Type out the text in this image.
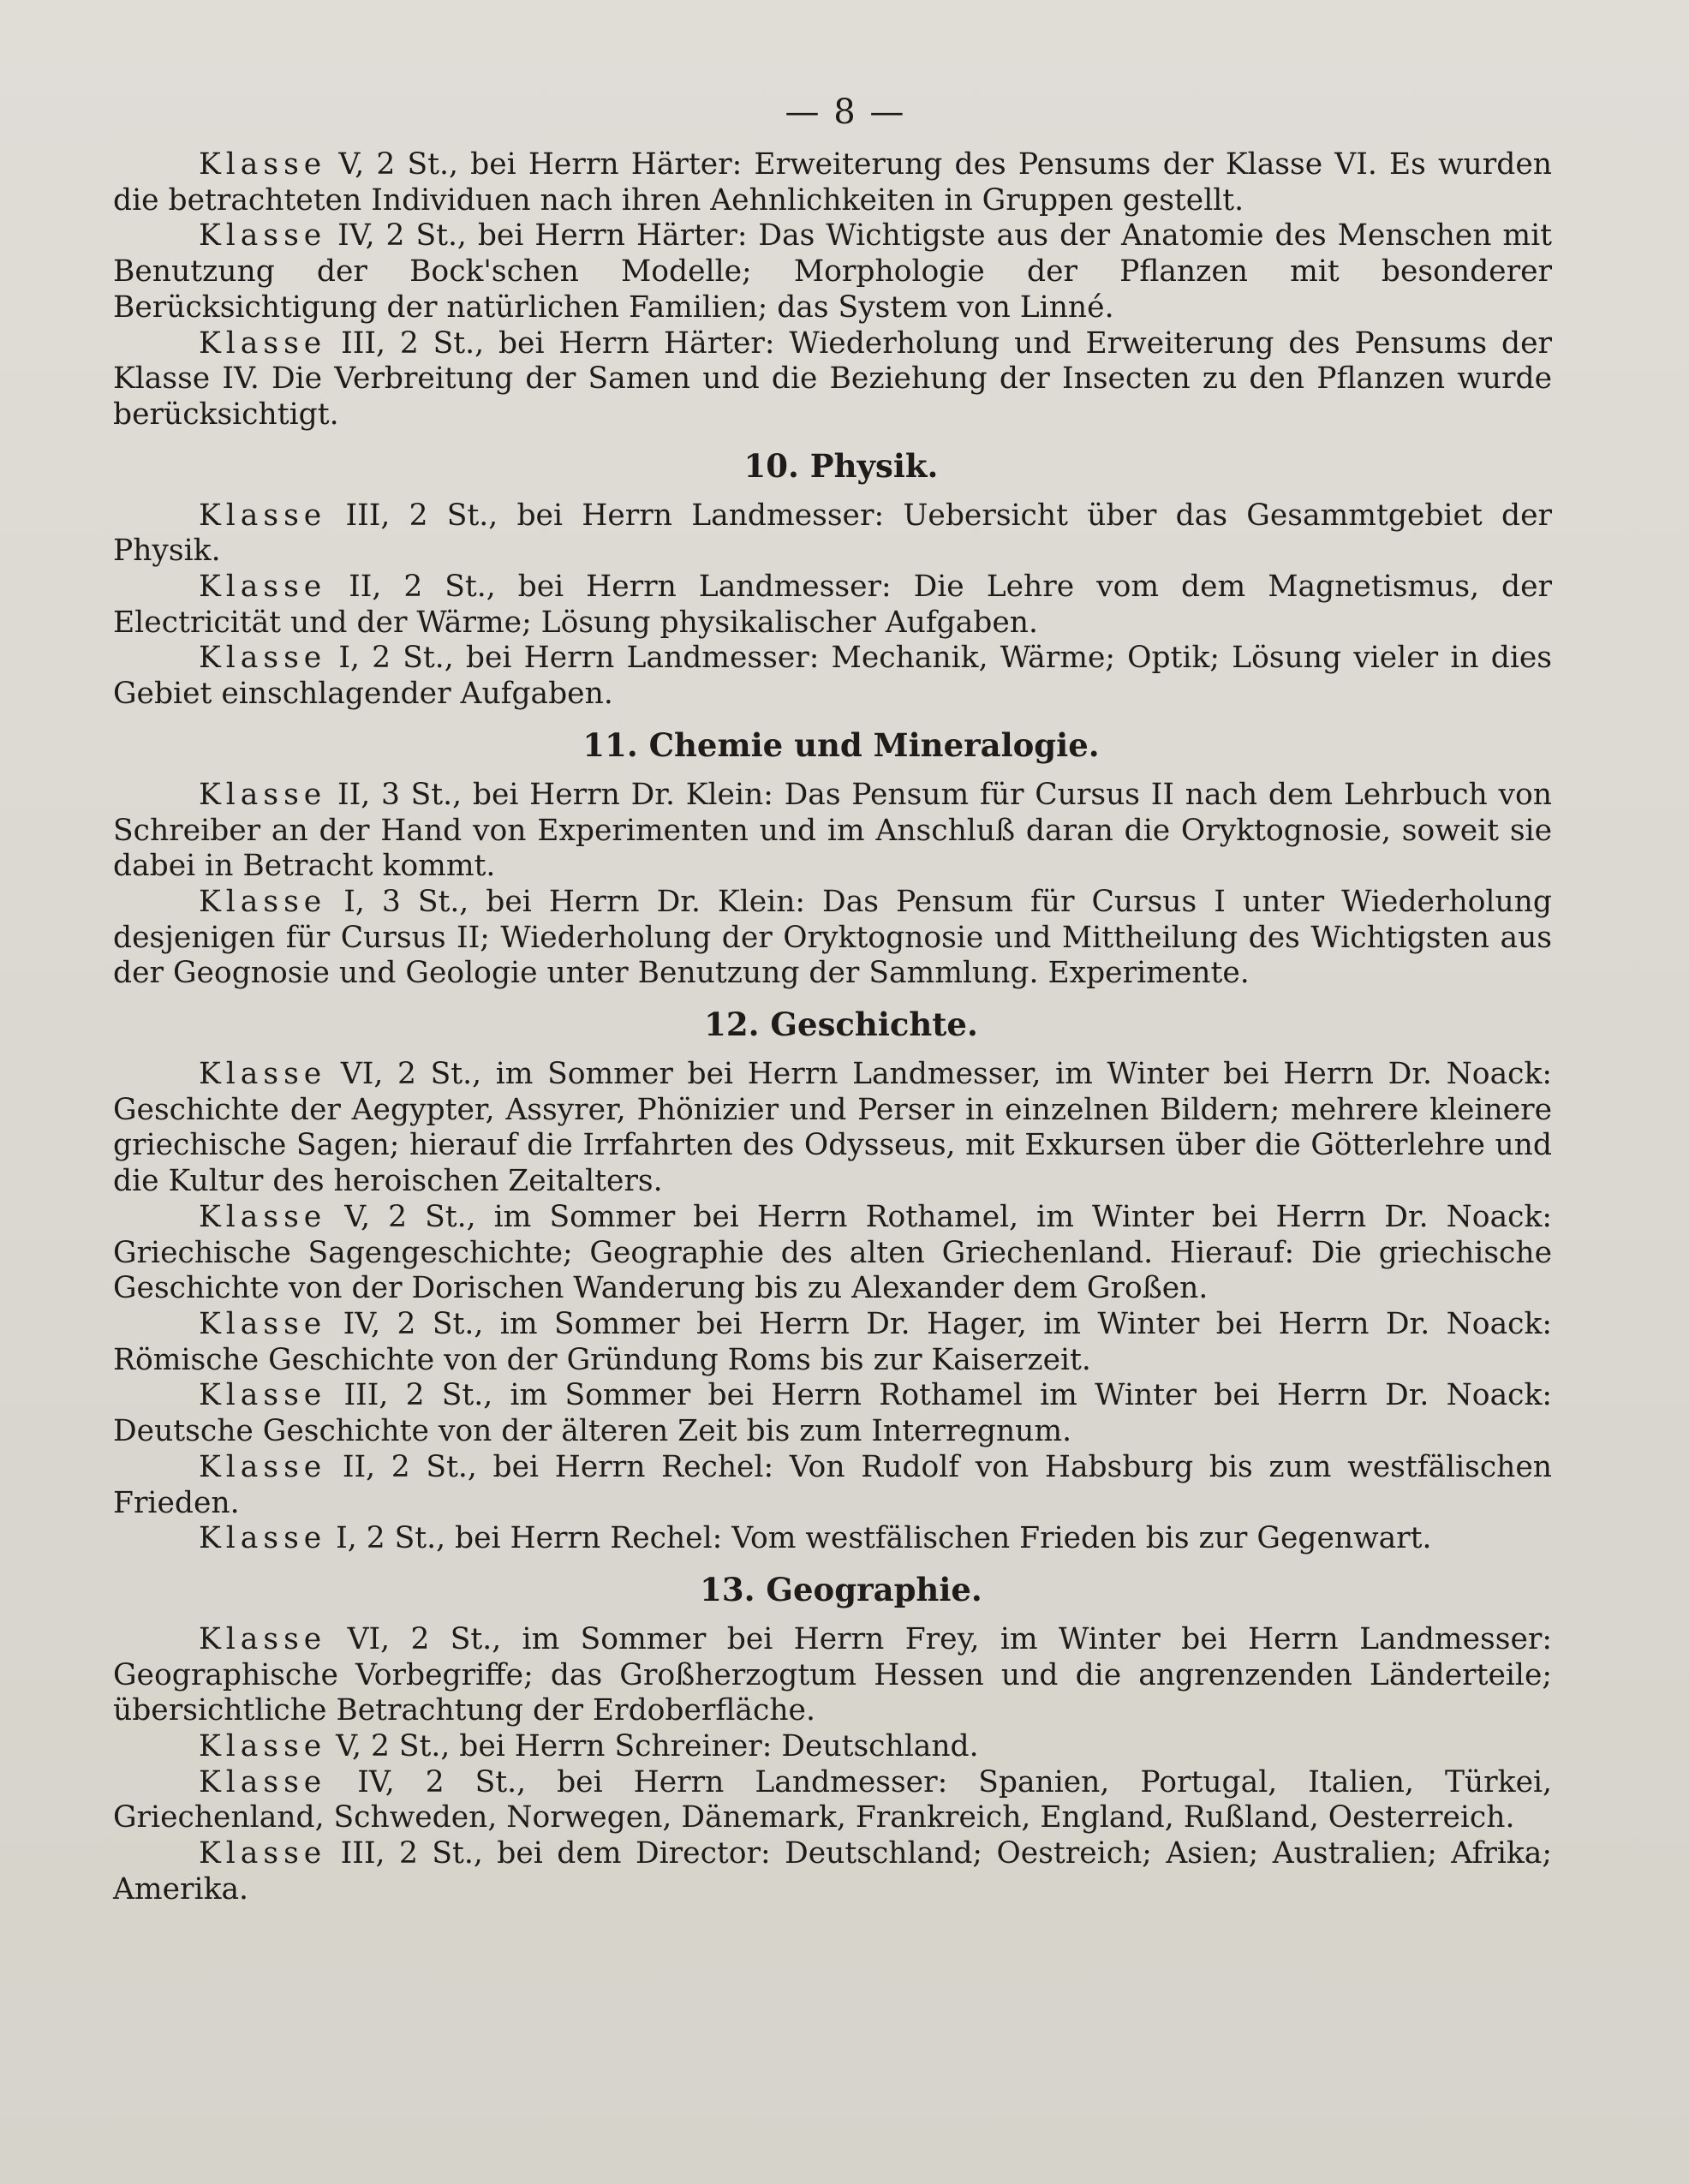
— 8 —

Klasse V, 2 St., bei Herrn Härter: Erweiterung des Pensums der Klasse VI. Es wurden die betrachteten Individuen nach ihren Aehnlichkeiten in Gruppen gestellt.

Klasse IV, 2 St., bei Herrn Härter: Das Wichtigste aus der Anatomie des Menschen mit Benutzung der Bock'schen Modelle; Morphologie der Pflanzen mit besonderer Berücksichtigung der natürlichen Familien; das System von Linné.

Klasse III, 2 St., bei Herrn Härter: Wiederholung und Erweiterung des Pensums der Klasse IV. Die Verbreitung der Samen und die Beziehung der Insecten zu den Pflanzen wurde berücksichtigt.

10. Physik.

Klasse III, 2 St., bei Herrn Landmesser: Uebersicht über das Gesammtgebiet der Physik.

Klasse II, 2 St., bei Herrn Landmesser: Die Lehre vom dem Magnetismus, der Electricität und der Wärme; Lösung physikalischer Aufgaben.

Klasse I, 2 St., bei Herrn Landmesser: Mechanik, Wärme; Optik; Lösung vieler in dies Gebiet einschlagender Aufgaben.

11. Chemie und Mineralogie.

Klasse II, 3 St., bei Herrn Dr. Klein: Das Pensum für Cursus II nach dem Lehrbuch von Schreiber an der Hand von Experimenten und im Anschluß daran die Oryktognosie, soweit sie dabei in Betracht kommt.

Klasse I, 3 St., bei Herrn Dr. Klein: Das Pensum für Cursus I unter Wiederholung desjenigen für Cursus II; Wiederholung der Oryktognosie und Mittheilung des Wichtigsten aus der Geognosie und Geologie unter Benutzung der Sammlung. Experimente.

12. Geschichte.

Klasse VI, 2 St., im Sommer bei Herrn Landmesser, im Winter bei Herrn Dr. Noack: Geschichte der Aegypter, Assyrer, Phönizier und Perser in einzelnen Bildern; mehrere kleinere griechische Sagen; hierauf die Irrfahrten des Odysseus, mit Exkursen über die Götterlehre und die Kultur des heroischen Zeitalters.

Klasse V, 2 St., im Sommer bei Herrn Rothamel, im Winter bei Herrn Dr. Noack: Griechische Sagengeschichte; Geographie des alten Griechenland. Hierauf: Die griechische Geschichte von der Dorischen Wanderung bis zu Alexander dem Großen.

Klasse IV, 2 St., im Sommer bei Herrn Dr. Hager, im Winter bei Herrn Dr. Noack: Römische Geschichte von der Gründung Roms bis zur Kaiserzeit.

Klasse III, 2 St., im Sommer bei Herrn Rothamel im Winter bei Herrn Dr. Noack: Deutsche Geschichte von der älteren Zeit bis zum Interregnum.

Klasse II, 2 St., bei Herrn Rechel: Von Rudolf von Habsburg bis zum westfälischen Frieden.

Klasse I, 2 St., bei Herrn Rechel: Vom westfälischen Frieden bis zur Gegenwart.

13. Geographie.

Klasse VI, 2 St., im Sommer bei Herrn Frey, im Winter bei Herrn Landmesser: Geographische Vorbegriffe; das Großherzogtum Hessen und die angrenzenden Länderteile; übersichtliche Betrachtung der Erdoberfläche.

Klasse V, 2 St., bei Herrn Schreiner: Deutschland.

Klasse IV, 2 St., bei Herrn Landmesser: Spanien, Portugal, Italien, Türkei, Griechenland, Schweden, Norwegen, Dänemark, Frankreich, England, Rußland, Oesterreich.

Klasse III, 2 St., bei dem Director: Deutschland; Oestreich; Asien; Australien; Afrika; Amerika.
